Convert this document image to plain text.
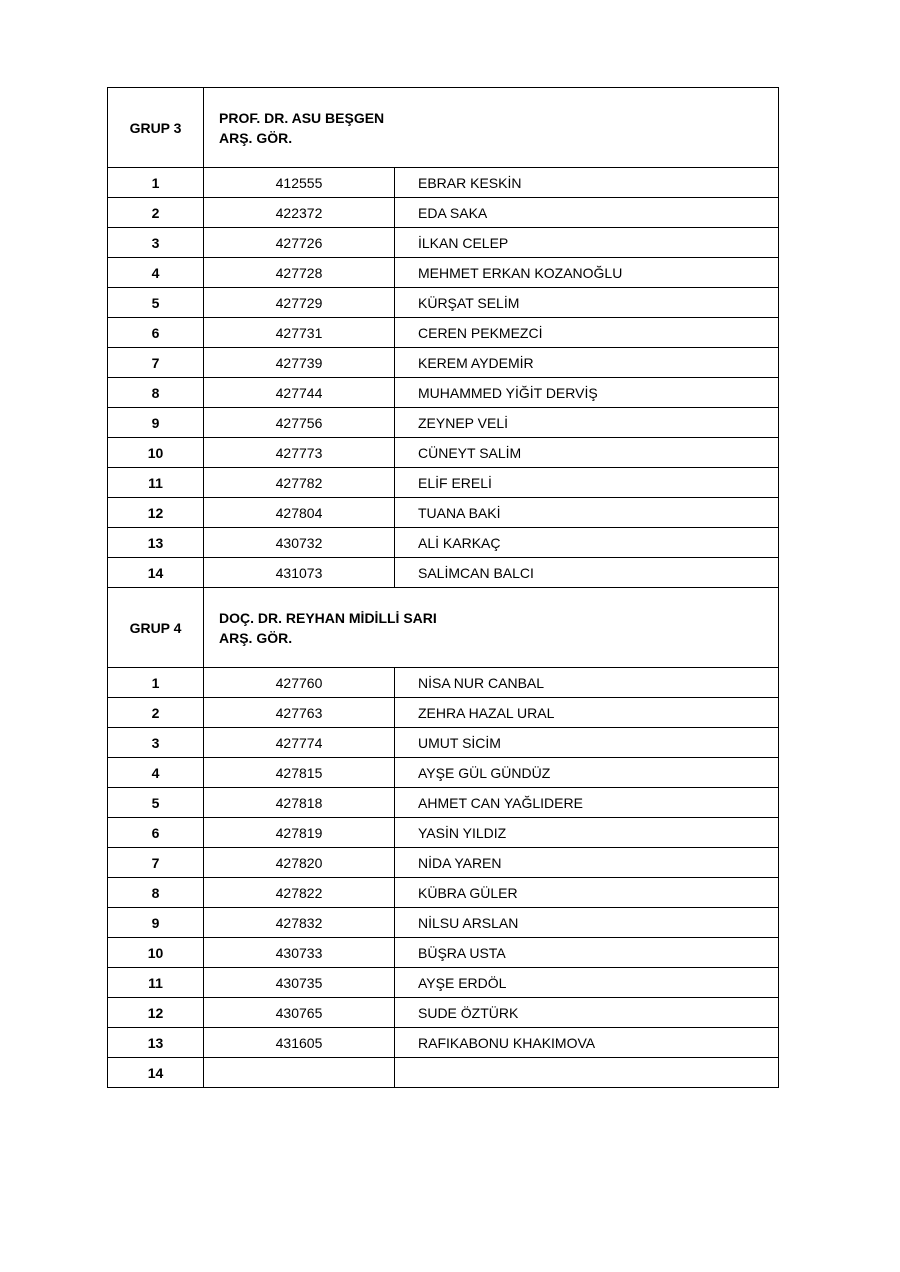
GRUP 3	PROF. DR. ASU BEŞGEN
ARŞ. GÖR.	

1	412555	EBRAR KESKİN
2	422372	EDA SAKA
3	427726	İLKAN CELEP
4	427728	MEHMET ERKAN KOZANOĞLU
5	427729	KÜRŞAT SELİM
6	427731	CEREN PEKMEZCİ
7	427739	KEREM AYDEMİR
8	427744	MUHAMMED YİĞİT DERVİŞ
9	427756	ZEYNEP VELİ
10	427773	CÜNEYT SALİM
11	427782	ELİF ERELİ
12	427804	TUANA BAKİ
13	430732	ALİ KARKAÇ
14	431073	SALİMCAN BALCI
GRUP 4	DOÇ. DR. REYHAN MİDİLLİ SARI
ARŞ. GÖR.	

1	427760	NİSA NUR CANBAL
2	427763	ZEHRA HAZAL URAL
3	427774	UMUT SİCİM
4	427815	AYŞE GÜL GÜNDÜZ
5	427818	AHMET CAN YAĞLIDERE
6	427819	YASİN YILDIZ
7	427820	NİDA YAREN
8	427822	KÜBRA GÜLER
9	427832	NİLSU ARSLAN
10	430733	BÜŞRA USTA
11	430735	AYŞE ERDÖL
12	430765	SUDE ÖZTÜRK
13	431605	RAFIKABONU KHAKIMOVA
14		
